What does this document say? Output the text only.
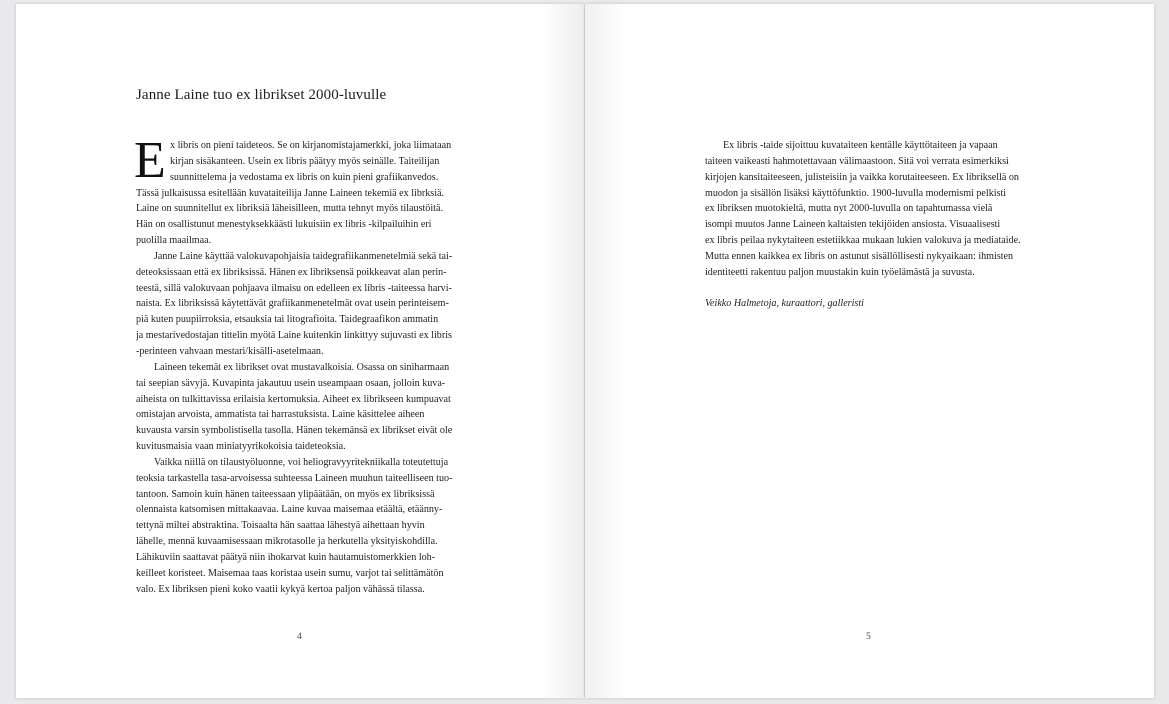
Janne Laine tuo ex librikset 2000-luvulle
E x libris on pieni taideteos. Se on kirjanomistajamerkki, joka liimataan
kirjan sisäkanteen. Usein ex libris päätyy myös seinälle. Taiteilijan
suunnittelema ja vedostama ex libris on kuin pieni grafiikanvedos.
Tässä julkaisussa esitellään kuvataiteilija Janne Laineen tekemiä ex librksiä.
Laine on suunnitellut ex libriksiä läheisilleen, mutta tehnyt myös tilaustöitä.
Hän on osallistunut menestyksekkäästi lukuisiin ex libris -kilpailuihin eri
puolilla maailmaa.
Janne Laine käyttää valokuvapohjaisia taidegrafiikanmenetelmiä sekä tai-
deteoksissaan että ex libriksissä. Hänen ex libriksensä poikkeavat alan perin-
teestä, sillä valokuvaan pohjaava ilmaisu on edelleen ex libris -taiteessa harvi-
naista. Ex libriksissä käytettävät grafiikanmenetelmät ovat usein perinteisem-
piä kuten puupiirroksia, etsauksia tai litografioita. Taidegraafikon ammatin
ja mestarivedostajan tittelin myötä Laine kuitenkin linkittyy sujuvasti ex libris
-perinteen vahvaan mestari/kisälli-asetelmaan.
Laineen tekemät ex librikset ovat mustavalkoisia. Osassa on siniharmaan
tai seepian sävyjä. Kuvapinta jakautuu usein useampaan osaan, jolloin kuva-
aiheista on tulkittavissa erilaisia kertomuksia. Aiheet ex librikseen kumpuavat
omistajan arvoista, ammatista tai harrastuksista. Laine käsittelee aiheen
kuvausta varsin symbolistisella tasolla. Hänen tekemänsä ex librikset eivät ole
kuvitusmaisia vaan miniatyyrikokoisia taideteoksia.
Vaikka niillä on tilaustyöluonne, voi heliogravyyritekniikalla toteutettuja
teoksia tarkastella tasa-arvoisessa suhteessa Laineen muuhun taiteelliseen tuo-
tantoon. Samoin kuin hänen taiteessaan ylipäätään, on myös ex libriksissä
olennaista katsomisen mittakaavaa. Laine kuvaa maisemaa etäältä, etäänny-
tettynä miltei abstraktina. Toisaalta hän saattaa lähestyä aihettaan hyvin
lähelle, mennä kuvaamisessaan mikrotasolle ja herkutella yksityiskohdilla.
Lähikuviin saattavat päätyä niin ihokarvat kuin hautamuistomerkkien loh-
keilleet koristeet. Maisemaa taas koristaa usein sumu, varjot tai selittämätön
valo. Ex libriksen pieni koko vaatii kykyä kertoa paljon vähässä tilassa.

4

Ex libris -taide sijoittuu kuvataiteen kentälle käyttötaiteen ja vapaan
taiteen vaikeasti hahmotettavaan välimaastoon. Sitä voi verrata esimerkiksi
kirjojen kansitaiteeseen, julisteisiin ja vaikka korutaiteeseen. Ex libriksellä on
muodon ja sisällön lisäksi käyttöfunktio. 1900-luvulla modernismi pelkisti
ex libriksen muotokieltä, mutta nyt 2000-luvulla on tapahtumassa vielä
isompi muutos Janne Laineen kaltaisten tekijöiden ansiosta. Visuaalisesti
ex libris peilaa nykytaiteen estetiikkaa mukaan lukien valokuva ja mediataide.
Mutta ennen kaikkea ex libris on astunut sisällöllisesti nykyaikaan: ihmisten
identiteetti rakentuu paljon muustakin kuin työelämästä ja suvusta.
Veikko Halmetoja, kuraattori, galleristi

5
